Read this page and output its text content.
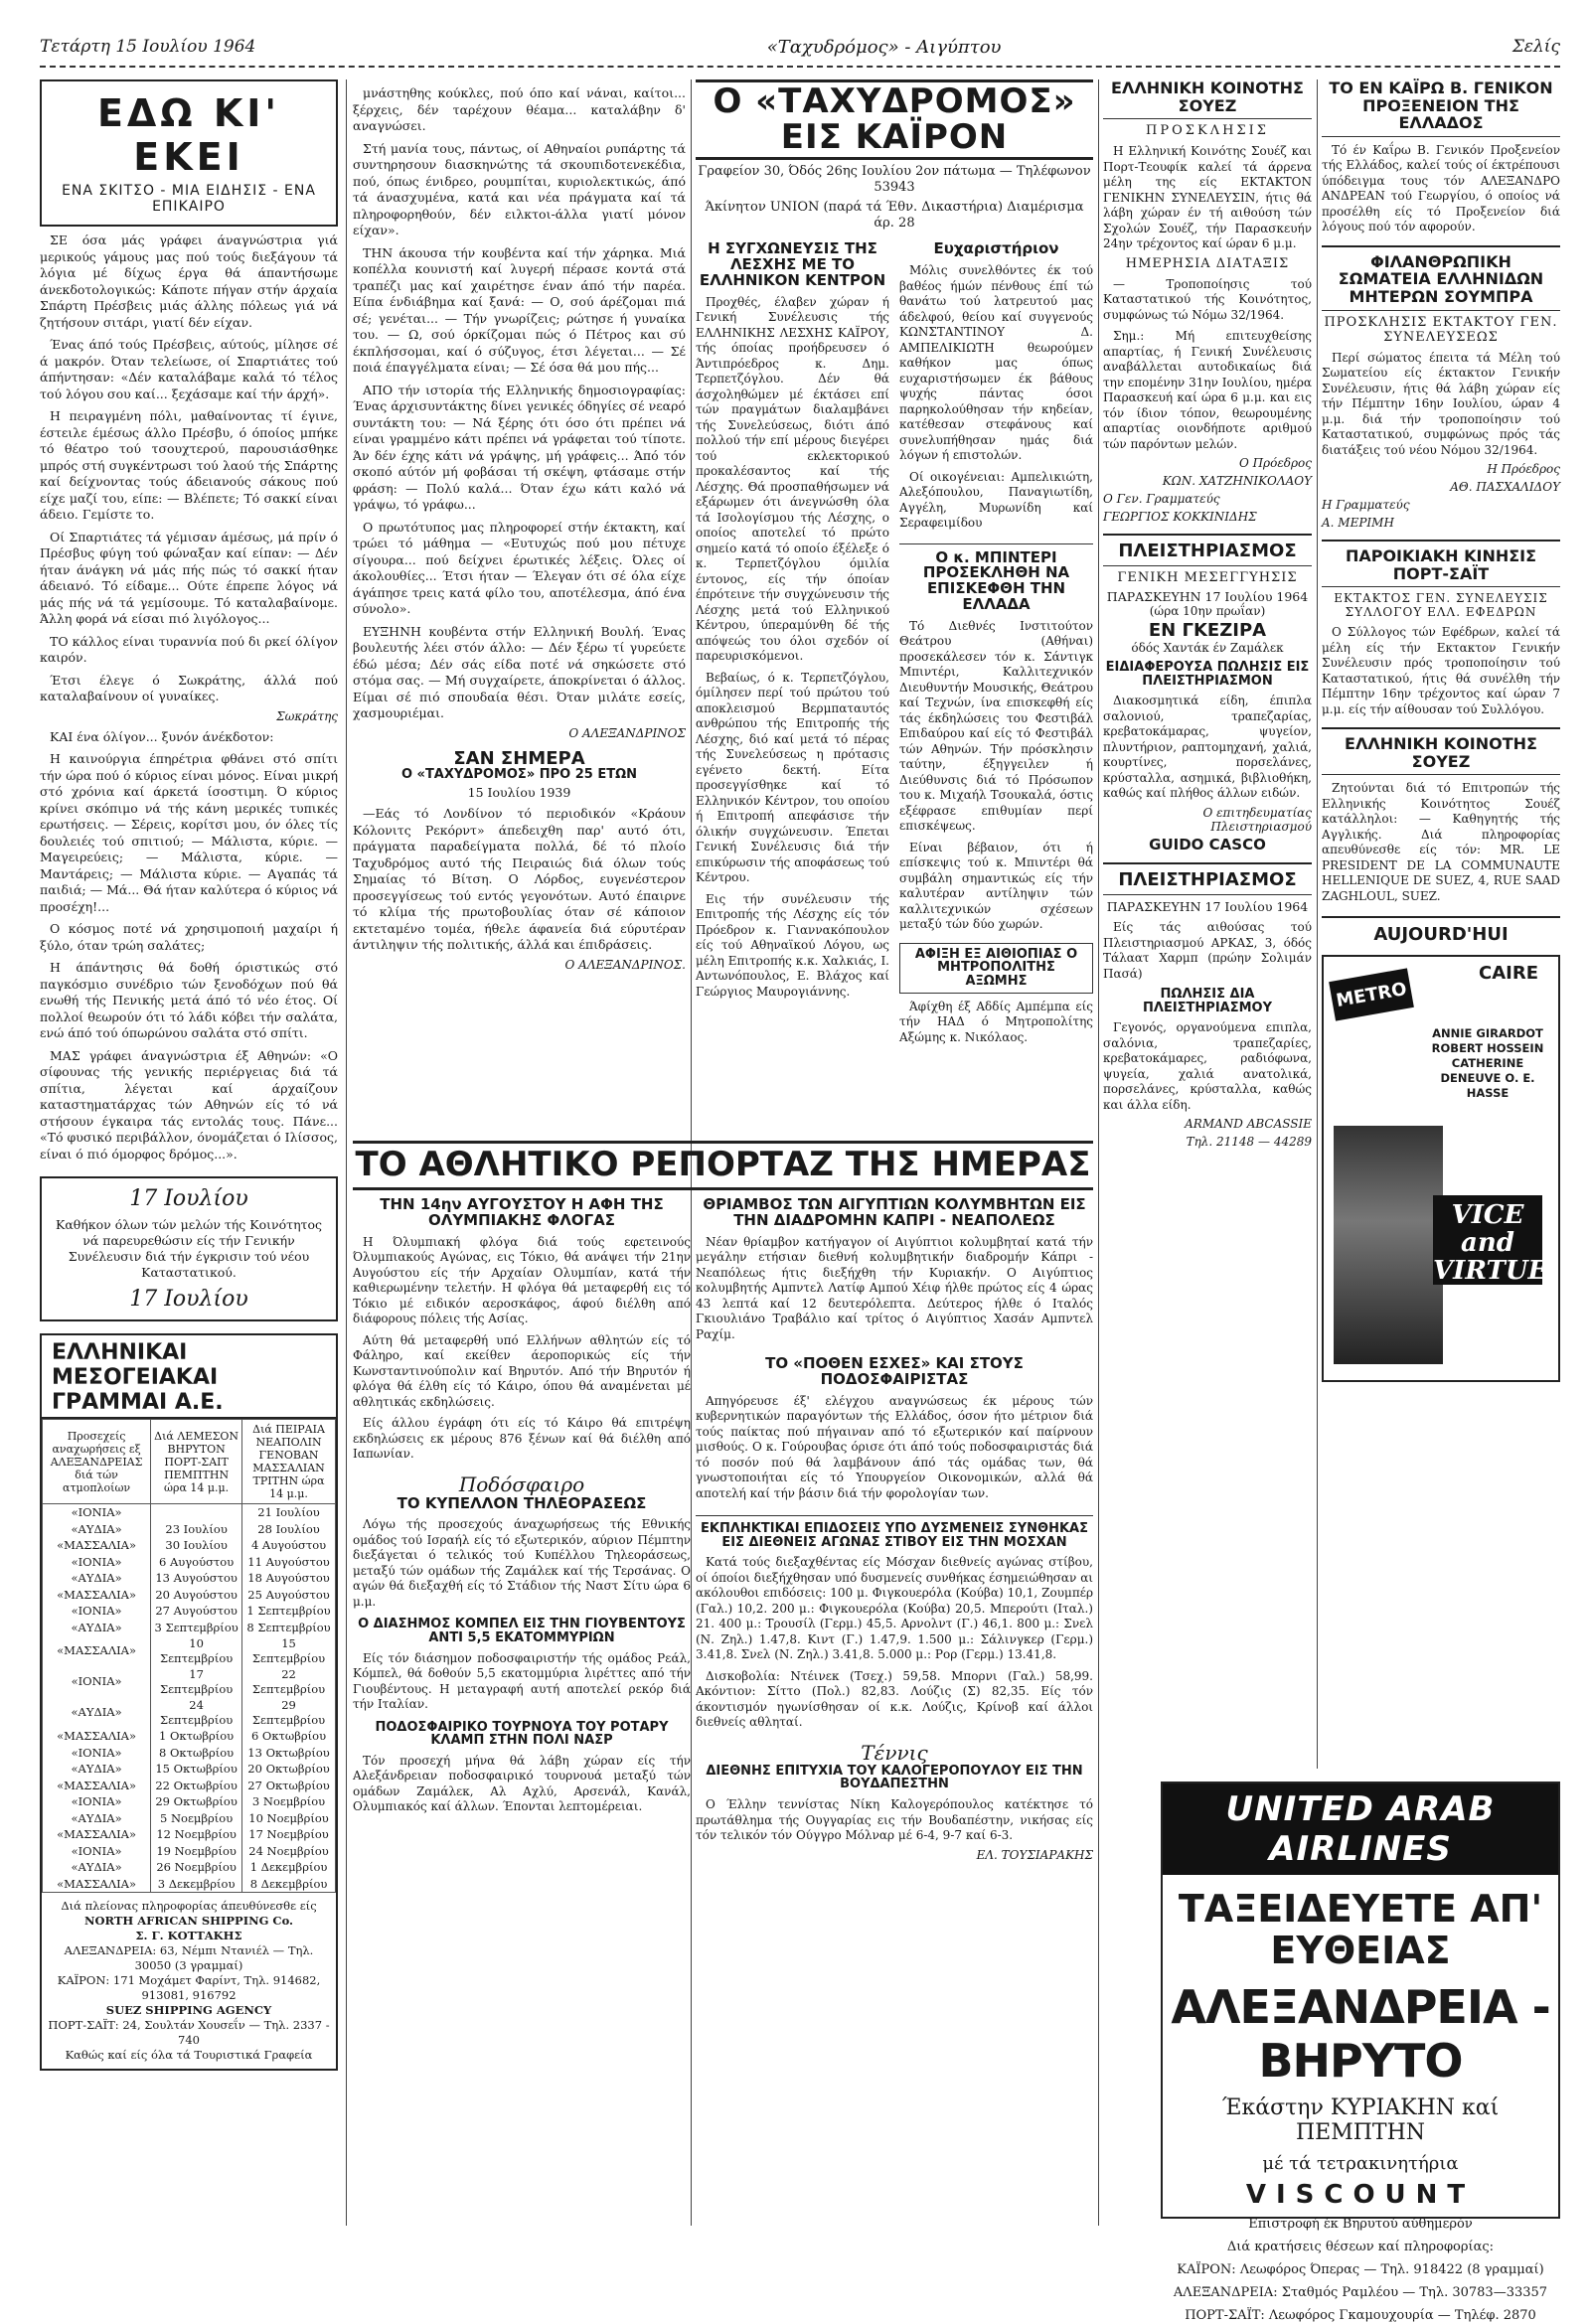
Τετάρτη 15 Ιουλίου 1964	«Ταχυδρόμος» - Αιγύπτου	Σελίς
ΕΔΩ ΚΙ' ΕΚΕΙ
ΕΝΑ ΣΚΙΤΣΟ - ΜΙΑ ΕΙΔΗΣΙΣ - ΕΝΑ ΕΠΙΚΑΙΡΟ

ΣΕ όσα μάς γράφει άναγνώστρια γιά μερικούς γάμους μας πού τούς διεξάγουν τά λόγια μέ δίχως έργα θά άπαντήσωμε άνεκδοτολογικώς: Κάποτε πήγαν στήν άρχαία Σπάρτη Πρέσβεις μιάς άλλης πόλεως γιά νά ζητήσουν σιτάρι, γιατί δέν είχαν.

Ένας άπό τούς Πρέσβεις, αύτούς, μίλησε σέ ά μακρόν. Όταν τελείωσε, οί Σπαρτιάτες τού άπήντησαν: «Δέν καταλάβαμε καλά τό τέλος τού λόγου σου καί... ξεχάσαμε καί τήν άρχή».

Η πειραγμένη πόλι, μαθαίνοντας τί έγινε, έστειλε έμέσως άλλο Πρέσβυ, ό όποίος μπήκε τό θέατρο τού τσουχτερού, παρουσιάσθηκε μπρός στή συγκέντρωσι τού λαού τής Σπάρτης καί δείχνοντας τούς άδειανούς σάκους πού είχε μαζί του, είπε: — Βλέπετε; Τό σακκί είναι άδειο. Γεμίστε το.

Οί Σπαρτιάτες τά γέμισαν άμέσως, μά πρίν ό Πρέσβυς φύγη τού φώναξαν καί είπαν: — Δέν ήταν άνάγκη νά μάς πής πώς τό σακκί ήταν άδειανό. Τό είδαμε... Ούτε έπρεπε λόγος νά μάς πής νά τά γεμίσουμε. Τό καταλαβαίνομε. Άλλη φορά νά είσαι πιό λιγόλογος...

ΤΟ κάλλος είναι τυραννία πού δι ρκεί όλίγον καιρόν.

Έτσι έλεγε ό Σωκράτης, άλλά πού καταλαβαίνουν οί γυναίκες.

Σωκράτης

ΚΑΙ ένα όλίγον... ξυνόν άνέκδοτον:

Η καινούργια έπηρέτρια φθάνει στό σπίτι τήν ώρα πού ό κύριος είναι μόνος. Είναι μικρή στό χρόνια καί άρκετά ίσοστιμη. Ό κύριος κρίνει σκόπιμο νά τής κάνη μερικές τυπικές ερωτήσεις. — Σέρεις, κορίτσι μου, όν όλες τίς δουλειές τού σπιτιού; — Μάλιστα, κύριε. — Μαγειρεύεις; — Μάλιστα, κύριε. — Μαντάρεις; — Μάλιστα κύριε. — Αγαπάς τά παιδιά; — Μά... Θά ήταν καλύτερα ό κύριος νά προσέχη!...

Ο κόσμος ποτέ νά χρησιμοποιή μαχαίρι ή ξύλο, όταν τρώη σαλάτες;

Η άπάντησις θά δοθή όριστικώς στό παγκόσμιο συνέδριο τών ξενοδόχων πού θά ενωθή τής Πενικής μετά άπό τό νέο έτος. Οί πολλοί θεωρούν ότι τό λάδι κόβει τήν σαλάτα, ενώ άπό τού όπωρώνου σαλάτα στό σπίτι.

ΜΑΣ γράφει άναγνώστρια έξ Αθηνών: «Ο σίφουνας τής γενικής περιέργειας διά τά σπίτια, λέγεται καί άρχαίζουν καταστηματάρχας τών Αθηνών είς τό νά στήσουν έγκαιρα τάς εντολάς τους. Πάνε... «Τό φυσικό περιβάλλον, όνομάζεται ό Ιλίσσος, είναι ό πιό όμορφος δρόμος...».

17 Ιουλίου
Καθήκον όλων τών μελών τής Κοινότητος νά παρευρεθώσιν είς τήν Γενικήν Συνέλευσιν διά τήν έγκρισιν τού νέου Καταστατικού.
17 Ιουλίου
ΕΛΛΗΝΙΚΑΙ ΜΕΣΟΓΕΙΑΚΑΙ ΓΡΑΜΜΑΙ Α.Ε.
Προσεχείς αναχωρήσεις εξ ΑΛΕΞΑΝΔΡΕΙΑΣ διά τών ατμοπλοίων	Διά ΛΕΜΕΣΟΝ ΒΗΡΥΤΟΝ ΠΟΡΤ-ΣΑΙΤ ΠΕΜΠΤΗΝ ώρα 14 μ.μ.	Διά ΠΕΙΡΑΙΑ ΝΕΑΠΟΛΙΝ ΓΕΝΟΒΑΝ ΜΑΣΣΑΛΙΑΝ ΤΡΙΤΗΝ ώρα 14 μ.μ.
«ΙΟΝΙΑ»		21 Ιουλίου
«ΑΥΔΙΑ»	23 Ιουλίου	28 Ιουλίου
«ΜΑΣΣΑΛΙΑ»	30 Ιουλίου	4 Αυγούστου
«ΙΟΝΙΑ»	6 Αυγούστου	11 Αυγούστου
«ΑΥΔΙΑ»	13 Αυγούστου	18 Αυγούστου
«ΜΑΣΣΑΛΙΑ»	20 Αυγούστου	25 Αυγούστου
«ΙΟΝΙΑ»	27 Αυγούστου	1 Σεπτεμβρίου
«ΑΥΔΙΑ»	3 Σεπτεμβρίου	8 Σεπτεμβρίου
«ΜΑΣΣΑΛΙΑ»	10 Σεπτεμβρίου	15 Σεπτεμβρίου
«ΙΟΝΙΑ»	17 Σεπτεμβρίου	22 Σεπτεμβρίου
«ΑΥΔΙΑ»	24 Σεπτεμβρίου	29 Σεπτεμβρίου
«ΜΑΣΣΑΛΙΑ»	1 Οκτωβρίου	6 Οκτωβρίου
«ΙΟΝΙΑ»	8 Οκτωβρίου	13 Οκτωβρίου
«ΑΥΔΙΑ»	15 Οκτωβρίου	20 Οκτωβρίου
«ΜΑΣΣΑΛΙΑ»	22 Οκτωβρίου	27 Οκτωβρίου
«ΙΟΝΙΑ»	29 Οκτωβρίου	3 Νοεμβρίου
«ΑΥΔΙΑ»	5 Νοεμβρίου	10 Νοεμβρίου
«ΜΑΣΣΑΛΙΑ»	12 Νοεμβρίου	17 Νοεμβρίου
«ΙΟΝΙΑ»	19 Νοεμβρίου	24 Νοεμβρίου
«ΑΥΔΙΑ»	26 Νοεμβρίου	1 Δεκεμβρίου
«ΜΑΣΣΑΛΙΑ»	3 Δεκεμβρίου	8 Δεκεμβρίου
Διά πλείονας πληροφορίας άπευθύνεσθε είς
NORTH AFRICAN SHIPPING Co.
Σ. Γ. ΚΟΤΤΑΚΗΣ
ΑΛΕΞΑΝΔΡΕΙΑ: 63, Νέμπι Ντανιέλ — Τηλ. 30050 (3 γραμμαί)
ΚΑΪΡΟΝ: 171 Μοχάμετ Φαρίντ, Τηλ. 914682, 913081, 916792
SUEZ SHIPPING AGENCY
ΠΟΡΤ-ΣΑΪΤ: 24, Σουλτάν Χουσεΐν — Τηλ. 2337 - 740
Καθώς καί είς όλα τά Τουριστικά Γραφεία

μνάστηθης κούκλες, πού όπο καί νάναι, καίτοι... ξέρχεις, δέν ταρέχουν θέαμα... καταλάβην δ' αναγνώσει.

Στή μανία τους, πάντως, οί Αθηναίοι ρυπάρτης τά συντηρησουν διασκηνώτης τά σκουπιδοτενεκέδια, πού, όπως ένιδρεο, ρουμπίται, κυριολεκτικώς, άπό τά άνασχυμένα, κατά και νέα πράγματα καί τά πληροφορηθούν, δέν ειλκτοι-άλλα γιατί μόνον είχαν».

ΤΗΝ άκουσα τήν κουβέντα καί τήν χάρηκα. Μιά κοπέλλα κουνιστή καί λυγερή πέρασε κοντά στά τραπέζι μας καί χαιρέτησε έναν άπό τήν παρέα. Είπα ένδιάβημα καί ξανά: — Ο, σού άρέζομαι πιά σέ; γενέται... — Τήν γνωρίζεις; ρώτησε ή γυναίκα του. — Ω, σού όρκίζομαι πώς ό Πέτρος και σύ έκπλήσσομαι, καί ό σύζυγος, έτσι λέγεται... — Σέ ποιά έπαγγέλματα είναι; — Σέ όσα θά μου πής...

ΑΠΟ τήν ιστορία τής Ελληνικής δημοσιογραφίας: Ένας άρχισυντάκτης δίνει γενικές όδηγίες σέ νεαρό συντάκτη του: — Νά ξέρης ότι όσο ότι πρέπει νά είναι γραμμένο κάτι πρέπει νά γράφεται τού τίποτε. Άν δέν έχης κάτι νά γράψης, μή γράφεις... Άπό τόν σκοπό αύτόν μή φοβάσαι τή σκέψη, φτάσαμε στήν φράση: — Πολύ καλά... Όταν έχω κάτι καλό νά γράψω, τό γράφω...

Ο πρωτότυπος μας πληροφορεί στήν έκτακτη, καί τρώει τό μάθημα — «Ευτυχώς πού μου πέτυχε σίγουρα... πού δείχνει έρωτικές λέξεις. Όλες οί άκολουθίες... Έτσι ήταν — Έλεγαν ότι σέ όλα είχε άγάπησε τρεις κατά φίλο του, αποτέλεσμα, άπό ένα σύνολο».

ΕΥΞΗΝΗ κουβέντα στήν Ελληνική Βουλή. Ένας βουλευτής λέει στόν άλλο: — Δέν ξέρω τί γυρεύετε έδώ μέσα; Δέν σάς είδα ποτέ νά σηκώσετε στό στόμα σας. — Μή συγχαίρετε, άποκρίνεται ό άλλος. Είμαι σέ πιό σπουδαία θέσι. Όταν μιλάτε εσείς, χασμουριέμαι.

Ο ΑΛΕΞΑΝΔΡΙΝΟΣ
ΣΑΝ ΣΗΜΕΡΑ
Ο «ΤΑΧΥΔΡΟΜΟΣ» ΠΡΟ 25 ΕΤΩΝ
15 Ιουλίου 1939

—Εάς τό Λονδίνον τό περιοδικόν «Κράουν Κόλονιτς Ρεκόρντ» άπεδειχθη παρ' αυτό ότι, πράγματα παραδείγματα πολλά, δέ τό πλοίο Ταχυδρόμος αυτό τής Πειραιώς διά όλων τούς Σημαίας τό Βίτση. Ο Λόρδος, ευγενέστερον προσεγγίσεως τού εντός γεγονότων. Αυτό έπαιρνε τό κλίμα τής πρωτοβουλίας όταν σέ κάποιον εκτεταμένο τομέα, ήθελε άφανεία διά εύρυτέραν άντιληψιν τής πολιτικής, άλλά και έπιδράσεις.

Ο ΑΛΕΞΑΝΔΡΙΝΟΣ.
Ο «ΤΑΧΥΔΡΟΜΟΣ» ΕΙΣ ΚΑΪΡΟΝ
Γραφείον 30, Όδός 26ης Ιουλίου 2ον πάτωμα — Τηλέφωνον 53943
Άκίνητον UNION (παρά τά Έθν. Δικαστήρια) Διαμέρισμα άρ. 28
Η ΣΥΓΧΩΝΕΥΣΙΣ ΤΗΣ ΛΕΣΧΗΣ ΜΕ ΤΟ ΕΛΛΗΝΙΚΟΝ ΚΕΝΤΡΟΝ

Προχθές, έλαβεν χώραν ή Γενική Συνέλευσις τής ΕΛΛΗΝΙΚΗΣ ΛΕΣΧΗΣ ΚΑΪΡΟΥ, τής όποίας προήδρευσεν ό Άντιπρόεδρος κ. Δημ. Τερπετζόγλου. Δέν θά άσχοληθώμεν μέ έκτάσει επί τών πραγμάτων διαλαμβάνει τής Συνελεύσεως, διότι άπό πολλού τήν επί μέρους διεγέρει τού εκλεκτορικού προκαλέσαντος καί τής Λέσχης. Θά προσπαθήσωμεν νά εξάρωμεν ότι άνεγνώσθη όλα τά Ισολογίσμου τής Λέσχης, ο οποίος αποτελεί τό πρώτο σημείο κατά τό οποίο έξέλεξε ό κ. Τερπετζόγλου όμιλία έντονος, είς τήν όποίαν έπρότεινε τήν συγχώνευσιν τής Λέσχης μετά τού Ελληνικού Κέντρου, ύπεραμύνθη δέ τής απόψεώς του όλοι σχεδόν οί παρευρισκόμενοι.

Βεβαίως, ό κ. Τερπετζόγλου, όμίλησεν περί τού πρώτου τού αποκλεισμού Βερμπαταυτός ανθρώπου τής Επιτροπής τής Λέσχης, διό καί μετά τό πέρας τής Συνελεύσεως η πρότασις εγένετο δεκτή. Είτα προσεγγίσθηκε καί τό Ελληνικόν Κέντρον, του οποίου ή Επιτροπή απεφάσισε τήν όλικήν συγχώνευσιν. Έπεται Γενική Συνέλευσις διά τήν επικύρωσιν τής αποφάσεως τού Κέντρου.

Εις τήν συνέλευσιν τής Επιτροπής τής Λέσχης είς τόν Πρόεδρον κ. Γιαννακόπουλον είς τού Αθηναϊκού Λόγου, ως μέλη Επιτροπής κ.κ. Χαλκιάς, Ι. Αντωνόπουλος, Ε. Βλάχος καί Γεώργιος Μαυρογιάννης.

Ευχαριστήριον

Μόλις συνελθόντες έκ τού βαθέος ήμών πένθους έπί τώ θανάτω τού λατρευτού μας άδελφού, θείου καί συγγενούς ΚΩΝΣΤΑΝΤΙΝΟΥ Δ. ΑΜΠΕΛΙΚΙΩΤΗ θεωρούμεν καθήκον μας όπως ευχαριστήσωμεν έκ βάθους ψυχής πάντας όσοι παρηκολούθησαν τήν κηδείαν, κατέθεσαν στεφάνους καί συνελυπήθησαν ημάς διά λόγων ή επιστολών.

Οί οικογένειαι: Αμπελικιώτη, Αλεξόπουλου, Παναγιωτίδη, Αγγέλη, Μυρωνίδη καί Σεραφειμίδου

Ο κ. ΜΠΙΝΤΕΡΙ ΠΡΟΣΕΚΛΗΘΗ ΝΑ ΕΠΙΣΚΕΦΘΗ ΤΗΝ ΕΛΛΑΔΑ

Τό Διεθνές Ινστιτούτον Θεάτρου (Αθήναι) προσεκάλεσεν τόν κ. Σάντιγκ Μπιντέρι, Καλλιτεχνικόν Διευθυντήν Μουσικής, Θεάτρου καί Τεχνών, ίνα επισκεφθή είς τάς έκδηλώσεις του Φεστιβάλ Επιδαύρου καί είς τό Φεστιβάλ τών Αθηνών. Τήν πρόσκλησιν ταύτην, έξηγγειλεν ή Διεύθυνσις διά τό Πρόσωπον του κ. Μιχαήλ Τσουκαλά, όστις εξέφρασε επιθυμίαν περί επισκέψεως.

Είναι βέβαιον, ότι ή επίσκεψις τού κ. Μπιντέρι θά συμβάλη σημαντικώς είς τήν καλυτέραν αντίληψιν τών καλλιτεχνικών σχέσεων μεταξύ τών δύο χωρών.

ΑΦΙΞΗ ΕΞ ΑΙΘΙΟΠΙΑΣ Ο ΜΗΤΡΟΠΟΛΙΤΗΣ ΑΞΩΜΗΣ

Άφίχθη έξ Αδδίς Αμπέμπα είς τήν ΗΑΔ ό Μητροπολίτης Αξώμης κ. Νικόλαος.

ΤΟ ΑΘΛΗΤΙΚΟ ΡΕΠΟΡΤΑΖ ΤΗΣ ΗΜΕΡΑΣ
ΤΗΝ 14ην ΑΥΓΟΥΣΤΟΥ Η ΑΦΗ ΤΗΣ ΟΛΥΜΠΙΑΚΗΣ ΦΛΟΓΑΣ

Η Όλυμπιακή φλόγα διά τούς εφετεινούς Όλυμπιακούς Αγώνας, εις Τόκιο, θά ανάψει τήν 21ην Αυγούστου είς τήν Αρχαίαν Ολυμπίαν, κατά τήν καθιερωμένην τελετήν. Η φλόγα θά μεταφερθή εις τό Τόκιο μέ ειδικόν αεροσκάφος, άφού διέλθη από διάφορους πόλεις τής Ασίας.

Αύτη θά μεταφερθή υπό Ελλήνων αθλητών είς τό Φάληρο, καί εκείθεν άεροπορικώς είς τήν Κωνσταντινούπολιν καί Βηρυτόν. Από τήν Βηρυτόν ή φλόγα θά έλθη είς τό Κάιρο, όπου θά αναμένεται μέ αθλητικάς εκδηλώσεις.

Είς άλλου έγράφη ότι είς τό Κάιρο θά επιτρέψη εκδηλώσεις εκ μέρους 876 ξένων καί θά διέλθη από Ιαπωνίαν.

Ποδόσφαιρο
ΤΟ ΚΥΠΕΛΛΟΝ ΤΗΛΕΟΡΑΣΕΩΣ

Λόγω τής προσεχούς άναχωρήσεως τής Εθνικής ομάδος τού Ισραήλ είς τό εξωτερικόν, αύριον Πέμπτην διεξάγεται ό τελικός τού Κυπέλλου Τηλεοράσεως, μεταξύ τών ομάδων τής Ζαμάλεκ καί τής Τερσάνας. Ο αγών θά διεξαχθή είς τό Στάδιον τής Ναστ Σίτυ ώρα 6 μ.μ.

Ο ΔΙΑΣΗΜΟΣ ΚΟΜΠΕΛ ΕΙΣ ΤΗΝ ΓΙΟΥΒΕΝΤΟΥΣ ΑΝΤΙ 5,5 ΕΚΑΤΟΜΜΥΡΙΩΝ

Είς τόν διάσημον ποδοσφαιριστήν τής ομάδος Ρεάλ, Κόμπελ, θά δοθούν 5,5 εκατομμύρια λιρέττες από τήν Γιουβέντους. Η μεταγραφή αυτή αποτελεί ρεκόρ διά τήν Ιταλίαν.

ΠΟΔΟΣΦΑΙΡΙΚΟ ΤΟΥΡΝΟΥΑ ΤΟΥ ΡΟΤΑΡΥ ΚΛΑΜΠ ΣΤΗΝ ΠΟΛΙ ΝΑΣΡ

Τόν προσεχή μήνα θά λάβη χώραν είς τήν Αλεξάνδρειαν ποδοσφαιρικό τουρνουά μεταξύ τών ομάδων Ζαμάλεκ, Αλ Αχλύ, Αρσενάλ, Κανάλ, Ολυμπιακός καί άλλων. Έπονται λεπτομέρειαι.

ΘΡΙΑΜΒΟΣ ΤΩΝ ΑΙΓΥΠΤΙΩΝ ΚΟΛΥΜΒΗΤΩΝ ΕΙΣ ΤΗΝ ΔΙΑΔΡΟΜΗΝ ΚΑΠΡΙ - ΝΕΑΠΟΛΕΩΣ

Νέαν θρίαμβον κατήγαγον οί Αιγύπτιοι κολυμβηταί κατά τήν μεγάλην ετήσιαν διεθνή κολυμβητικήν διαδρομήν Κάπρι - Νεαπόλεως ήτις διεξήχθη τήν Κυριακήν. Ο Αιγύπτιος κολυμβητής Αμπντελ Λατίφ Αμπού Χέιφ ήλθε πρώτος είς 4 ώρας 43 λεπτά καί 12 δευτερόλεπτα. Δεύτερος ήλθε ό Ιταλός Γκιουλιάνο Τραβάλιο καί τρίτος ό Αιγύπτιος Χασάν Αμπντελ Ραχίμ.

ΤΟ «ΠΟΘΕΝ ΕΣΧΕΣ» ΚΑΙ ΣΤΟΥΣ ΠΟΔΟΣΦΑΙΡΙΣΤΑΣ

Απηγόρευσε έξ' ελέγχου αναγνώσεως έκ μέρους τών κυβερνητικών παραγόντων τής Ελλάδος, όσον ήτο μέτριον διά τούς παίκτας πού πήγαιναν από τό εξωτερικόν καί παίρνουν μισθούς. Ο κ. Γούρουβας όρισε ότι άπό τούς ποδοσφαιριστάς διά τό ποσόν πού θά λαμβάνουν άπό τάς ομάδας των, θά γνωστοποιήται είς τό Υπουργείον Οικονομικών, αλλά θά αποτελή καί τήν βάσιν διά τήν φορολογίαν των.

ΕΚΠΛΗΚΤΙΚΑΙ ΕΠΙΔΟΣΕΙΣ ΥΠΟ ΔΥΣΜΕΝΕΙΣ ΣΥΝΘΗΚΑΣ ΕΙΣ ΔΙΕΘΝΕΙΣ ΑΓΩΝΑΣ ΣΤΙΒΟΥ ΕΙΣ ΤΗΝ ΜΟΣΧΑΝ

Κατά τούς διεξαχθέντας είς Μόσχαν διεθνείς αγώνας στίβου, οί όποίοι διεξήχθησαν υπό δυσμενείς συνθήκας έσημειώθησαν αι ακόλουθοι επιδόσεις: 100 μ. Φιγκουερόλα (Κούβα) 10,1, Ζουμπέρ (Γαλ.) 10,2. 200 μ.: Φιγκουερόλα (Κούβα) 20,5. Μπερούτι (Ιταλ.) 21. 400 μ.: Τρουσίλ (Γερμ.) 45,5. Αρνολντ (Γ.) 46,1. 800 μ.: Σνελ (Ν. Ζηλ.) 1.47,8. Κιντ (Γ.) 1.47,9. 1.500 μ.: Σάλινγκερ (Γερμ.) 3.41,8. Σνελ (Ν. Ζηλ.) 3.41,8. 5.000 μ.: Ρορ (Γερμ.) 13.41,8.

Δισκοβολία: Ντέινεκ (Τσεχ.) 59,58. Μπορνι (Γαλ.) 58,99. Ακόντιον: Σίττο (Πολ.) 82,83. Λούζις (Σ) 82,35. Είς τόν άκοντισμόν ηγωνίσθησαν οί κ.κ. Λούζις, Κρίνοβ καί άλλοι διεθνείς αθληταί.

Τέννις
ΔΙΕΘΝΗΣ ΕΠΙΤΥΧΙΑ ΤΟΥ ΚΑΛΟΓΕΡΟΠΟΥΛΟΥ ΕΙΣ ΤΗΝ ΒΟΥΔΑΠΕΣΤΗΝ

Ο Έλλην τεννίστας Νίκη Καλογερόπουλος κατέκτησε τό πρωτάθλημα τής Ουγγαρίας εις τήν Βουδαπέστην, νικήσας είς τόν τελικόν τόν Ούγγρο Μόλναρ μέ 6-4, 9-7 καί 6-3.

ΕΛ. ΤΟΥΣΙΑΡΑΚΗΣ
ΕΛΛΗΝΙΚΗ ΚΟΙΝΟΤΗΣ ΣΟΥΕΖ
ΠΡΟΣΚΛΗΣΙΣ

Η Ελληνική Κοινότης Σουέζ και Πορτ-Τεουφίκ καλεί τά άρρενα μέλη της είς ΕΚΤΑΚΤΟΝ ΓΕΝΙΚΗΝ ΣΥΝΕΛΕΥΣΙΝ, ήτις θά λάβη χώραν έν τή αιθούση τών Σχολών Σουέζ, τήν Παρασκευήν 24ην τρέχοντος καί ώραν 6 μ.μ.

ΗΜΕΡΗΣΙΑ ΔΙΑΤΑΞΙΣ

— Τροποποίησις τού Καταστατικού τής Κοινότητος, συμφώνως τώ Νόμω 32/1964.

Σημ.: Μή επιτευχθείσης απαρτίας, ή Γενική Συνέλευσις αναβάλλεται αυτοδικαίως διά την επομένην 31ην Ιουλίου, ημέρα Παρασκευή καί ώρα 6 μ.μ. και εις τόν ίδιον τόπον, θεωρουμένης απαρτίας οιονδήποτε αριθμού τών παρόντων μελών.

Ο Πρόεδρος
ΚΩΝ. ΧΑΤΖΗΝΙΚΟΛΑΟΥ
Ο Γεν. Γραμματεύς
ΓΕΩΡΓΙΟΣ ΚΟΚΚΙΝΙΔΗΣ
ΠΛΕΙΣΤΗΡΙΑΣΜΟΣ
ΓΕΝΙΚΗ ΜΕΣΕΓΓΥΗΣΙΣ
ΠΑΡΑΣΚΕΥΗΝ 17 Ιουλίου 1964
(ώρα 10ην πρωΐαν)
ΕΝ ΓΚΕΖΙΡΑ
όδός Χαντάκ έν Ζαμάλεκ
ΕΙΔΙΑΦΕΡΟΥΣΑ ΠΩΛΗΣΙΣ ΕΙΣ ΠΛΕΙΣΤΗΡΙΑΣΜΟΝ

Διακοσμητικά είδη, έπιπλα σαλονιού, τραπεζαρίας, κρεβατοκάμαρας, ψυγείον, πλυντήριον, ραπτομηχανή, χαλιά, κουρτίνες, πορσελάνες, κρύσταλλα, ασημικά, βιβλιοθήκη, καθώς καί πλήθος άλλων ειδών.

Ο επιτηδευματίας Πλειστηριασμού
GUIDO CASCO
ΠΛΕΙΣΤΗΡΙΑΣΜΟΣ
ΠΑΡΑΣΚΕΥΗΝ 17 Ιουλίου 1964

Είς τάς αιθούσας τού Πλειστηριασμού ΑΡΚΑΣ, 3, όδός Τάλαατ Χαρμπ (πρώην Σολιμάν Πασά)

ΠΩΛΗΣΙΣ ΔΙΑ ΠΛΕΙΣΤΗΡΙΑΣΜΟΥ

Γεγονός, οργανούμενα επιπλα, σαλόνια, τραπεζαρίες, κρεβατοκάμαρες, ραδιόφωνα, ψυγεία, χαλιά ανατολικά, πορσελάνες, κρύσταλλα, καθώς και άλλα είδη.

ARMAND ABCASSIE
Τηλ. 21148 — 44289
ΤΟ ΕΝ ΚΑΪΡΩ Β. ΓΕΝΙΚΟΝ ΠΡΟΞΕΝΕΙΟΝ ΤΗΣ ΕΛΛΑΔΟΣ

Τό έν Καΐρω Β. Γενικόν Προξενείον τής Ελλάδος, καλεί τούς οί έκτρέπουσι ύπόδειγμα τους τόν ΑΛΕΞΑΝΔΡΟ ΑΝΔΡΕΑΝ τού Γεωργίου, ό οποίος νά προσέλθη είς τό Προξενείον διά λόγους πού τόν αφορούν.

ΦΙΛΑΝΘΡΩΠΙΚΗ ΣΩΜΑΤΕΙΑ ΕΛΛΗΝΙΔΩΝ ΜΗΤΕΡΩΝ ΣΟΥΜΠΡΑ
ΠΡΟΣΚΛΗΣΙΣ ΕΚΤΑΚΤΟΥ ΓΕΝ. ΣΥΝΕΛΕΥΣΕΩΣ

Περί σώματος έπειτα τά Μέλη τού Σωματείου είς έκτακτον Γενικήν Συνέλευσιν, ήτις θά λάβη χώραν είς τήν Πέμπτην 16ην Ιουλίου, ώραν 4 μ.μ. διά τήν τροποποίησιν τού Καταστατικού, συμφώνως πρός τάς διατάξεις τού νέου Νόμου 32/1964.

Η Πρόεδρος
ΑΘ. ΠΑΣΧΑΛΙΔΟΥ
Η Γραμματεύς
Α. ΜΕΡΙΜΗ
ΠΑΡΟΙΚΙΑΚΗ ΚΙΝΗΣΙΣ ΠΟΡΤ-ΣΑΪΤ
ΕΚΤΑΚΤΟΣ ΓΕΝ. ΣΥΝΕΛΕΥΣΙΣ ΣΥΛΛΟΓΟΥ ΕΛΛ. ΕΦΕΔΡΩΝ

Ο Σύλλογος τών Εφέδρων, καλεί τά μέλη είς τήν Εκτακτον Γενικήν Συνέλευσιν πρός τροποποίησιν τού Καταστατικού, ήτις θά συνέλθη τήν Πέμπτην 16ην τρέχοντος καί ώραν 7 μ.μ. είς τήν αίθουσαν τού Συλλόγου.

ΕΛΛΗΝΙΚΗ ΚΟΙΝΟΤΗΣ ΣΟΥΕΖ

Ζητούνται διά τό Επιτροπών τής Ελληνικής Κοινότητος Σουέζ κατάλληλοι: — Καθηγητής τής Αγγλικής. Διά πληροφορίας απευθύνεσθε είς τόν: MR. LE PRESIDENT DE LA COMMUNAUTE HELLENIQUE DE SUEZ, 4, RUE SAAD ZAGHLOUL, SUEZ.

AUJOURD'HUI
CAIRE
METRO
ANNIE GIRARDOT ROBERT HOSSEIN CATHERINE DENEUVE O. E. HASSE
VICE and VIRTUE
UNITED ARAB AIRLINES
ΤΑΞΕΙΔΕΥΕΤΕ ΑΠ' ΕΥΘΕΙΑΣ
ΑΛΕΞΑΝΔΡΕΙΑ - ΒΗΡΥΤΟ
Έκάστην ΚΥΡΙΑΚΗΝ καί ΠΕΜΠΤΗΝ
μέ τά τετρακινητήρια
VISCOUNT
Επιστροφή έκ Βηρυτού αύθημερόν
Διά κρατήσεις θέσεων καί πληροφορίας:
ΚΑΪΡΟΝ: Λεωφόρος Όπερας — Τηλ. 918422 (8 γραμμαί)
ΑΛΕΞΑΝΔΡΕΙΑ: Σταθμός Ραμλέου — Τηλ. 30783—33357
ΠΟΡΤ-ΣΑΪΤ: Λεωφόρος Γκαμουχουρία — Τηλέφ. 2870
